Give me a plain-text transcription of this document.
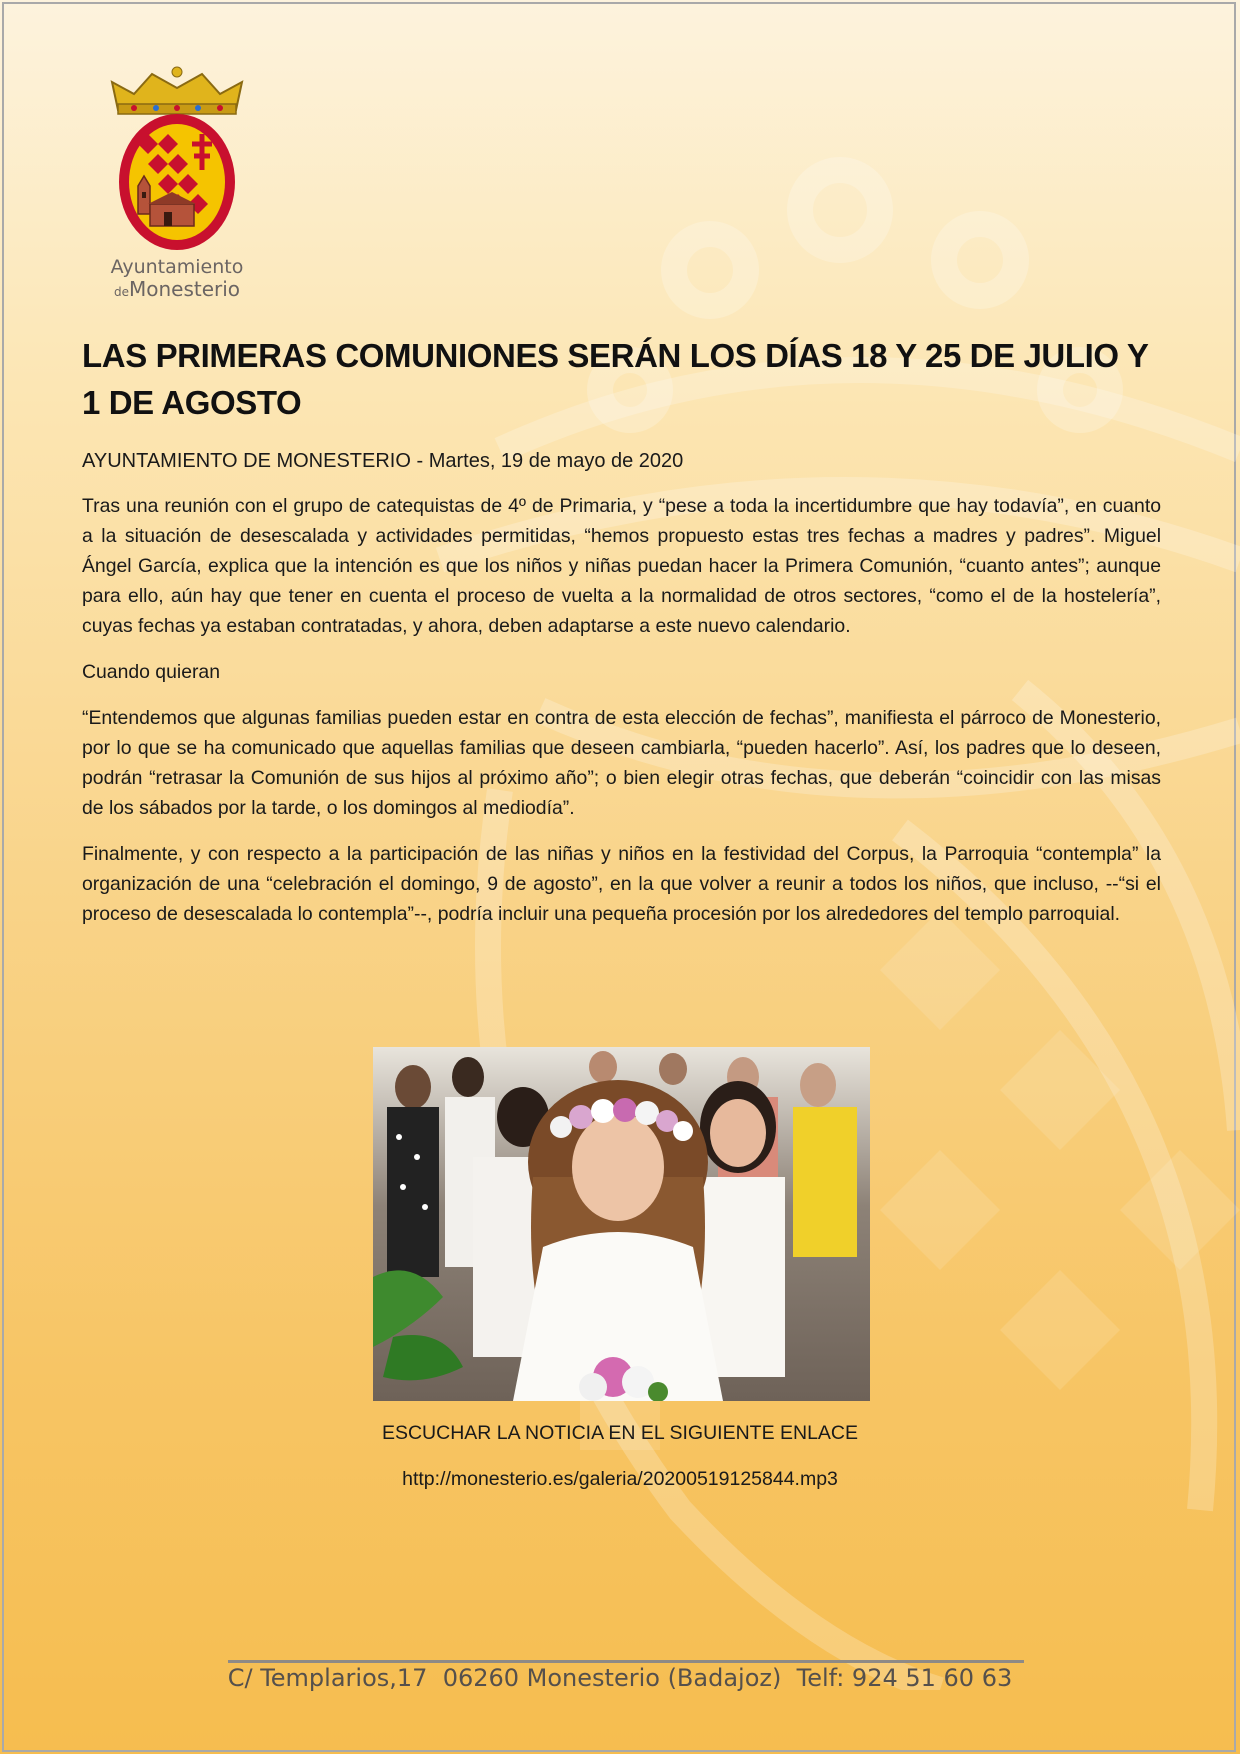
Ayuntamiento
deMonesterio
LAS PRIMERAS COMUNIONES SERÁN LOS DÍAS 18 Y 25 DE JULIO Y 1 DE AGOSTO

AYUNTAMIENTO DE MONESTERIO - Martes, 19 de mayo de 2020

Tras una reunión con el grupo de catequistas de 4º de Primaria, y “pese a toda la incertidumbre que hay todavía”, en cuanto a la situación de desescalada y actividades permitidas, “hemos propuesto estas tres fechas a madres y padres”. Miguel Ángel García, explica que la intención es que los niños y niñas puedan hacer la Primera Comunión, “cuanto antes”; aunque para ello, aún hay que tener en cuenta el proceso de vuelta a la normalidad de otros sectores, “como el de la hostelería”, cuyas fechas ya estaban contratadas, y ahora, deben adaptarse a este nuevo calendario.

Cuando quieran

“Entendemos que algunas familias pueden estar en contra de esta elección de fechas”, manifiesta el párroco de Monesterio, por lo que se ha comunicado que aquellas familias que deseen cambiarla, “pueden hacerlo”. Así, los padres que lo deseen, podrán “retrasar la Comunión de sus hijos al próximo año”; o bien elegir otras fechas, que deberán “coincidir con las misas de los sábados por la tarde, o los domingos al mediodía”.

Finalmente, y con respecto a la participación de las niñas y niños en la festividad del Corpus, la Parroquia “contempla” la organización de una “celebración el domingo, 9 de agosto”, en la que volver a reunir a todos los niños, que incluso, --“si el proceso de desescalada lo contempla”--, podría incluir una pequeña procesión por los alrededores del templo parroquial.

ESCUCHAR LA NOTICIA EN EL SIGUIENTE ENLACE

http://monesterio.es/galeria/20200519125844.mp3

C/ Templarios,17  06260 Monesterio (Badajoz)  Telf: 924 51 60 63
